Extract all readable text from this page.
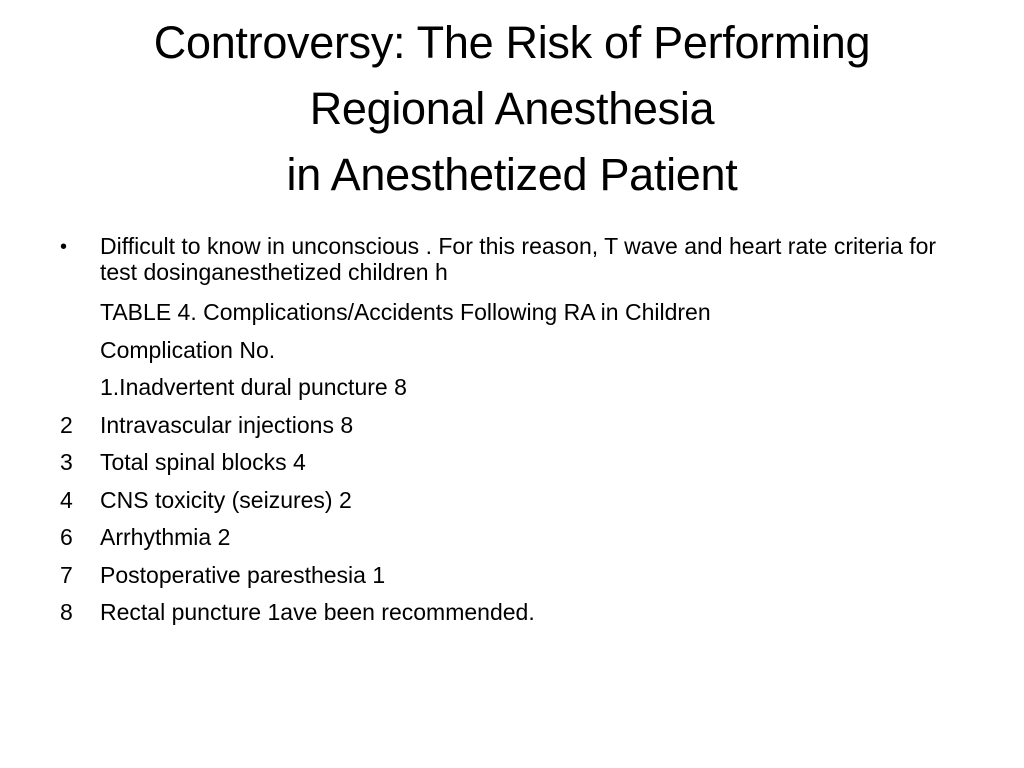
Controversy: The Risk of Performing
Regional Anesthesia
in Anesthetized Patient
•	Difficult to know in unconscious . For this reason, T wave and heart rate criteria for test dosinganesthetized children h
TABLE 4. Complications/Accidents Following RA in Children
Complication No.
1.Inadvertent dural puncture 8
2	Intravascular injections 8
3	Total spinal blocks 4
4	CNS toxicity (seizures) 2
6	Arrhythmia 2
7	Postoperative paresthesia 1
8	Rectal puncture 1ave been recommended.
